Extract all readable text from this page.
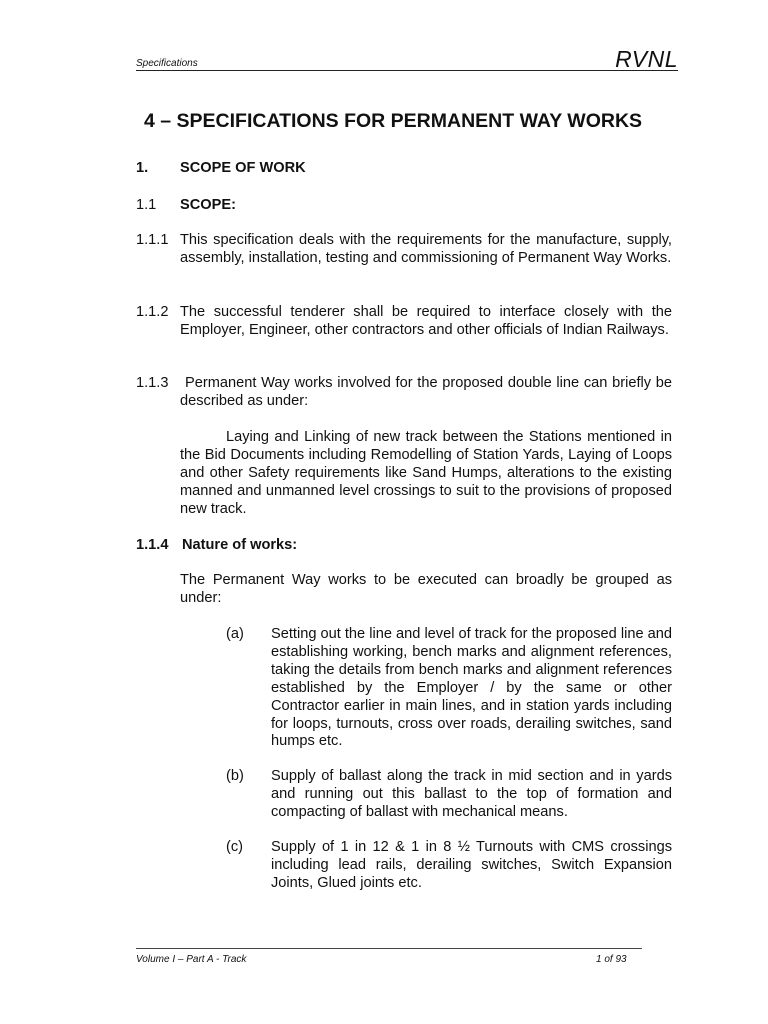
Specifications	RVNL
4 – SPECIFICATIONS FOR PERMANENT WAY WORKS
1. SCOPE OF WORK
1.1 SCOPE:
1.1.1 This specification deals with the requirements for the manufacture, supply, assembly, installation, testing and commissioning of Permanent Way Works.
1.1.2 The successful tenderer shall be required to interface closely with the Employer, Engineer, other contractors and other officials of Indian Railways.
1.1.3	Permanent Way works involved for the proposed double line can briefly be described as under:
Laying and Linking of new track between the Stations mentioned in the Bid Documents including Remodelling of Station Yards, Laying of Loops and other Safety requirements like Sand Humps, alterations to the existing manned and unmanned level crossings to suit to the provisions of proposed new track.
1.1.4 Nature of works:
The Permanent Way works to be executed can broadly be grouped as under:
(a) Setting out the line and level of track for the proposed line and establishing working, bench marks and alignment references, taking the details from bench marks and alignment references established by the Employer / by the same or other Contractor earlier in main lines, and in station yards including for loops, turnouts, cross over roads, derailing switches, sand humps etc.
(b) Supply of ballast along the track in mid section and in yards and running out this ballast to the top of formation and compacting of ballast with mechanical means.
(c) Supply of 1 in 12 & 1 in 8 ½ Turnouts with CMS crossings including lead rails, derailing switches, Switch Expansion Joints, Glued joints etc.
Volume I – Part A - Track	1 of 93
